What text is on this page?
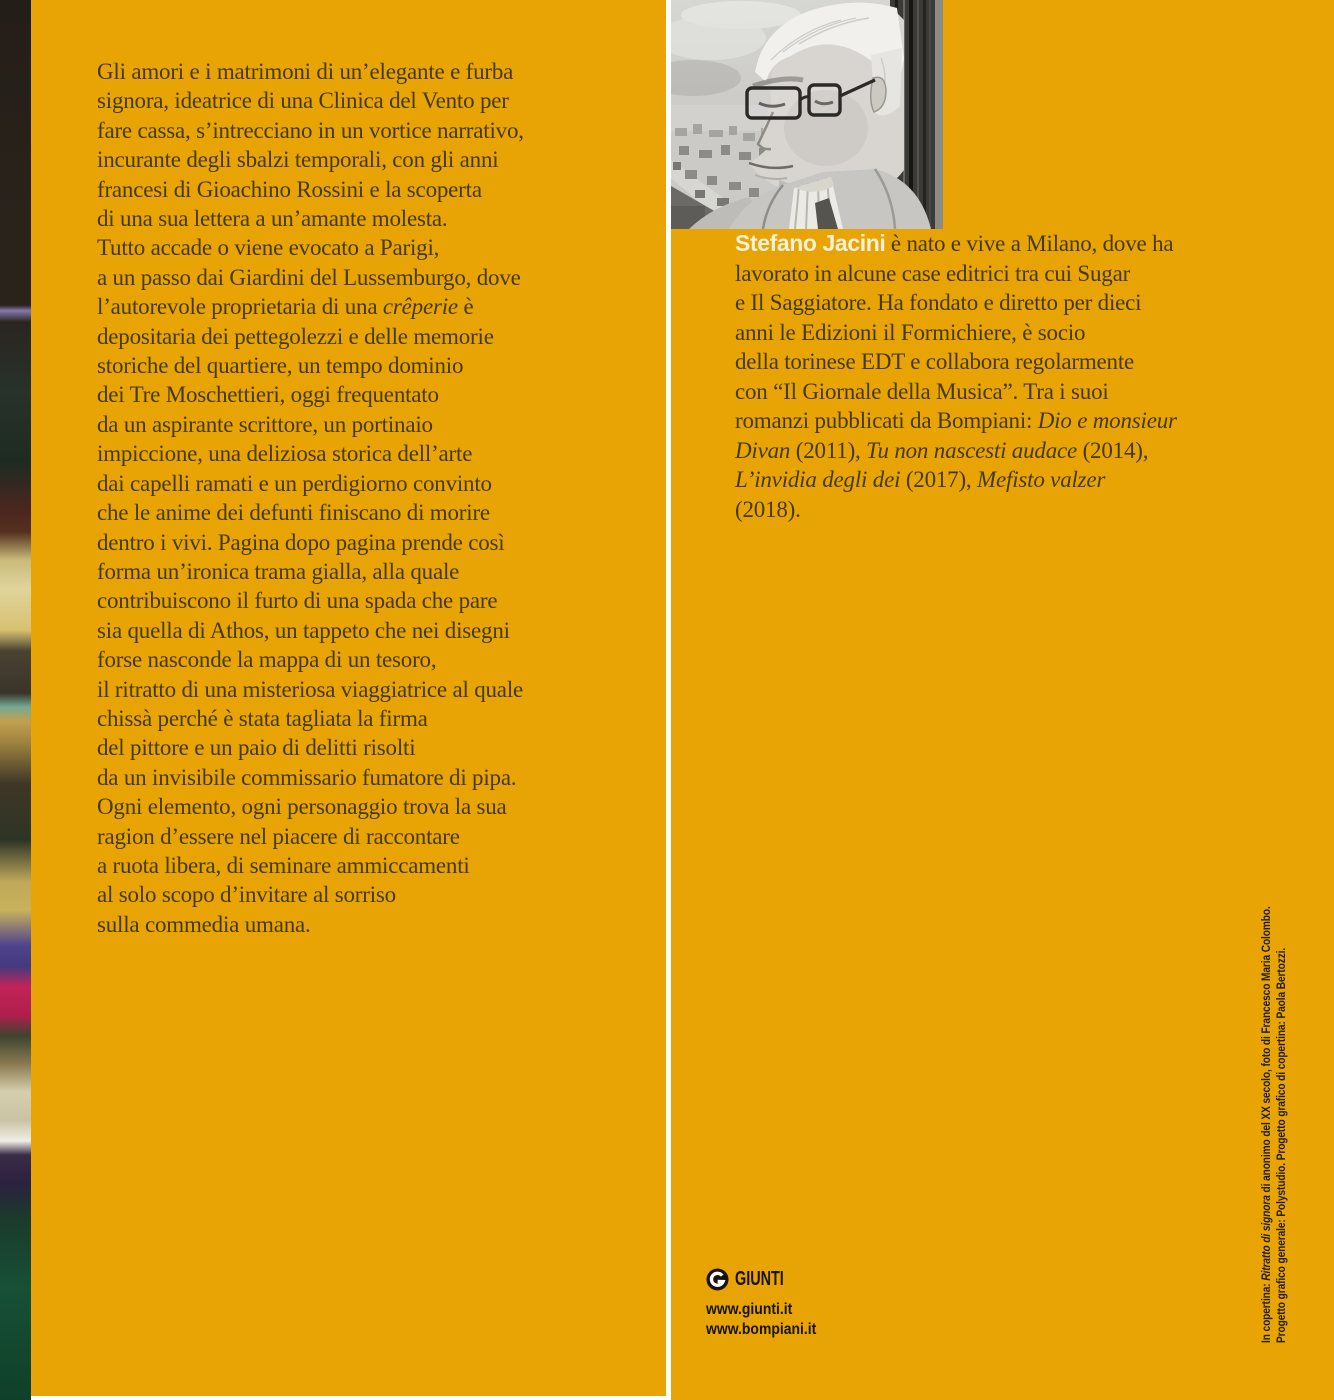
Gli amori e i matrimoni di un’elegante e furba
signora, ideatrice di una Clinica del Vento per
fare cassa, s’intrecciano in un vortice narrativo,
incurante degli sbalzi temporali, con gli anni
francesi di Gioachino Rossini e la scoperta
di una sua lettera a un’amante molesta.
Tutto accade o viene evocato a Parigi,
a un passo dai Giardini del Lussemburgo, dove
l’autorevole proprietaria di una crêperie è
depositaria dei pettegolezzi e delle memorie
storiche del quartiere, un tempo dominio
dei Tre Moschettieri, oggi frequentato
da un aspirante scrittore, un portinaio
impiccione, una deliziosa storica dell’arte
dai capelli ramati e un perdigiorno convinto
che le anime dei defunti finiscano di morire
dentro i vivi. Pagina dopo pagina prende così
forma un’ironica trama gialla, alla quale
contribuiscono il furto di una spada che pare
sia quella di Athos, un tappeto che nei disegni
forse nasconde la mappa di un tesoro,
il ritratto di una misteriosa viaggiatrice al quale
chissà perché è stata tagliata la firma
del pittore e un paio di delitti risolti
da un invisibile commissario fumatore di pipa.
Ogni elemento, ogni personaggio trova la sua
ragion d’essere nel piacere di raccontare
a ruota libera, di seminare ammiccamenti
al solo scopo d’invitare al sorriso
sulla commedia umana.
Stefano Jacini è nato e vive a Milano, dove ha
lavorato in alcune case editrici tra cui Sugar
e Il Saggiatore. Ha fondato e diretto per dieci
anni le Edizioni il Formichiere, è socio
della torinese EDT e collabora regolarmente
con “Il Giornale della Musica”. Tra i suoi
romanzi pubblicati da Bompiani: Dio e monsieur
Divan (2011), Tu non nascesti audace (2014),
L’invidia degli dei (2017), Mefisto valzer
(2018).
GIUNTI
www.giunti.it
www.bompiani.it	In copertina: Ritratto di signora di anonimo del XX secolo, foto di Francesco Maria Colombo. Progetto grafico generale: Polystudio. Progetto grafico di copertina: Paola Bertozzi.
